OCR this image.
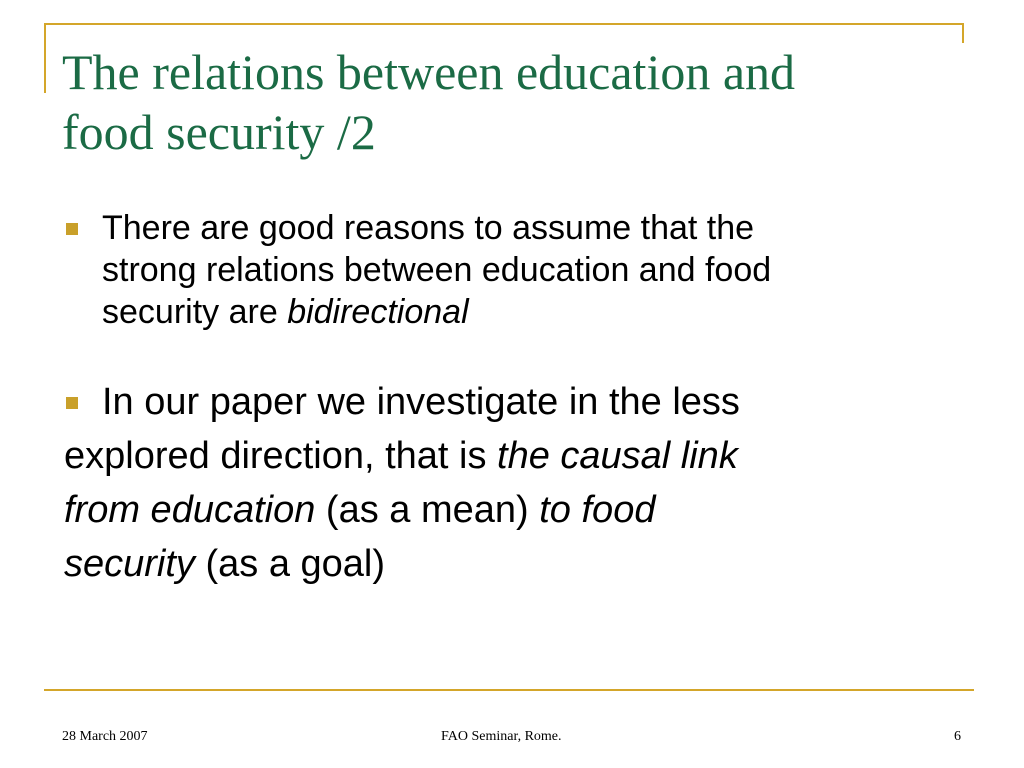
The relations between education and
food security /2

There are good reasons to assume that the
strong relations between education and food
security are bidirectional

In our paper we investigate in the less
explored direction, that is the causal link
from education (as a mean) to food
security (as a goal)

28 March 2007	FAO Seminar, Rome.	6
